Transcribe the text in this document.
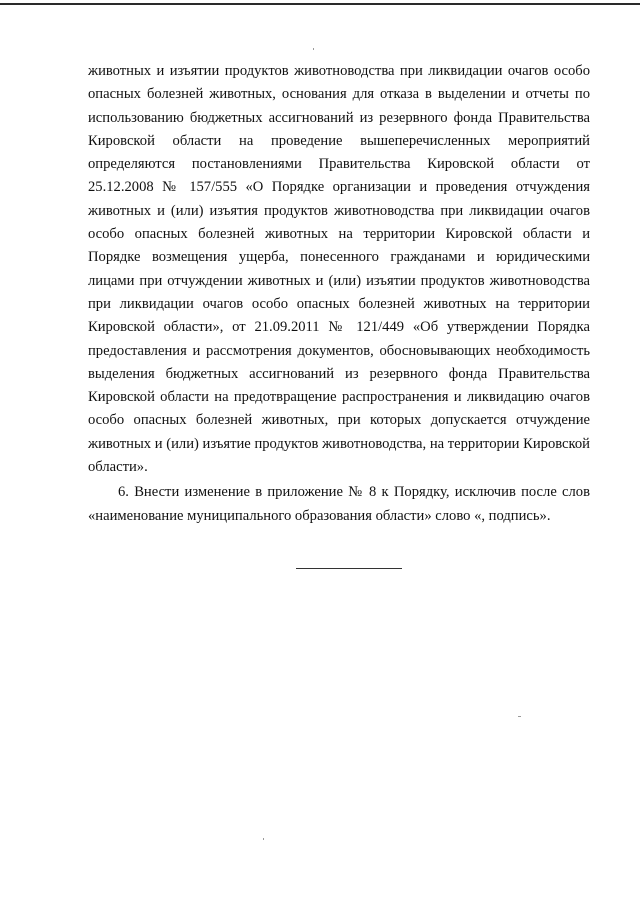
животных и изъятии продуктов животноводства при ликвидации очагов особо опасных болезней животных, основания для отказа в выделении и отчеты по использованию бюджетных ассигнований из резервного фонда Правительства Кировской области на проведение вышеперечисленных мероприятий определяются постановлениями Правительства Кировской области от 25.12.2008 № 157/555 «О Порядке организации и проведения отчуждения животных и (или) изъятия продуктов животноводства при ликвидации очагов особо опасных болезней животных на территории Кировской области и Порядке возмещения ущерба, понесенного гражданами и юридическими лицами при отчуждении животных и (или) изъятии продуктов животноводства при ликвидации очагов особо опасных болезней животных на территории Кировской области», от 21.09.2011 № 121/449 «Об утверждении Порядка предоставления и рассмотрения документов, обосновывающих необходимость выделения бюджетных ассигнований из резервного фонда Правительства Кировской области на предотвращение распространения и ликвидацию очагов особо опасных болезней животных, при которых допускается отчуждение животных и (или) изъятие продуктов животноводства, на территории Кировской области».

6. Внести изменение в приложение № 8 к Порядку, исключив после слов «наименование муниципального образования области» слово «, подпись».
